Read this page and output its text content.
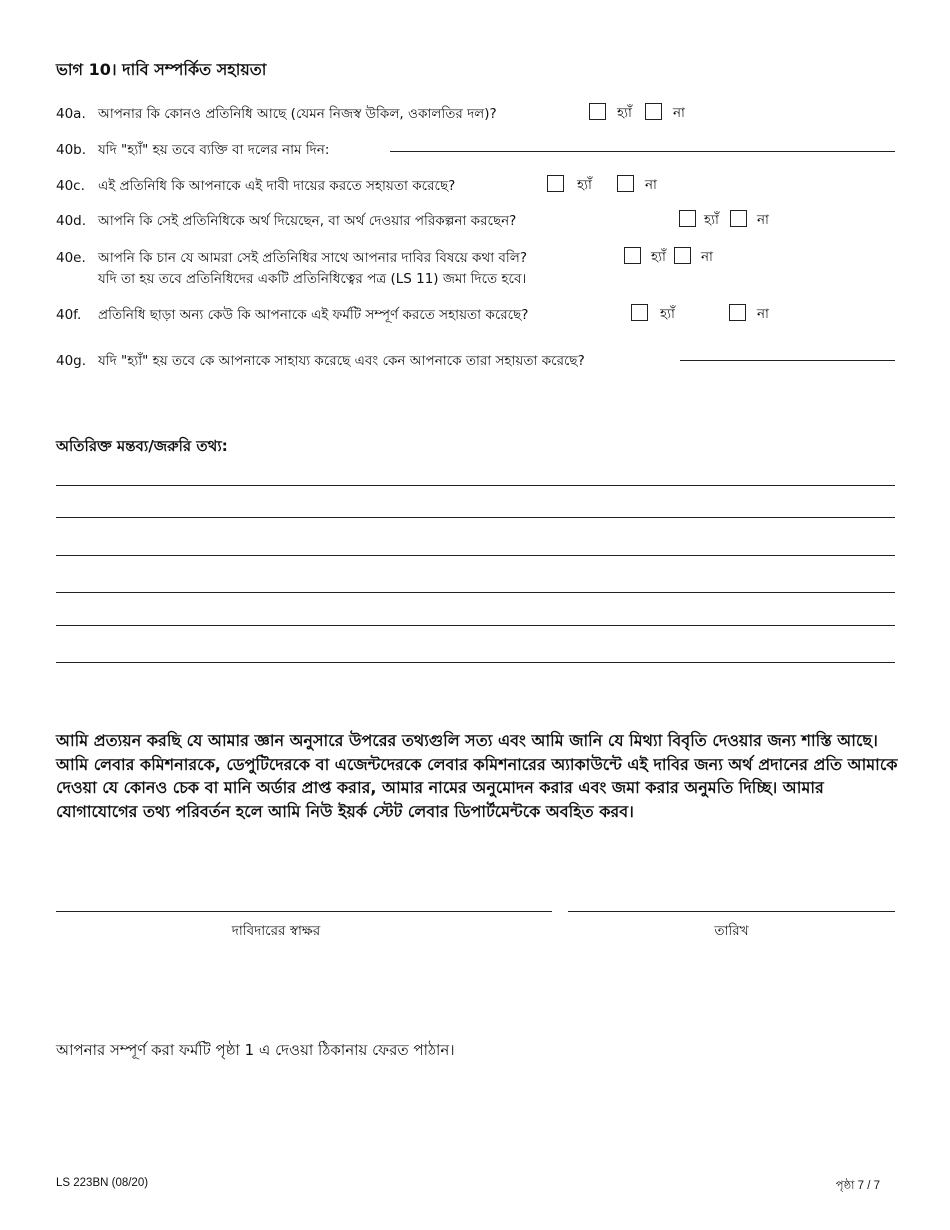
ভাগ 10। দাবি সম্পর্কিত সহায়তা
40a. আপনার কি কোনও প্রতিনিধি আছে (যেমন নিজস্ব উকিল, ওকালতির দল)?	হ্যাঁ	না
40b. যদি "হ্যাঁ" হয় তবে ব্যক্তি বা দলের নাম দিন:
40c. এই প্রতিনিধি কি আপনাকে এই দাবী দায়ের করতে সহায়তা করেছে?	হ্যাঁ	না
40d. আপনি কি সেই প্রতিনিধিকে অর্থ দিয়েছেন, বা অর্থ দেওয়ার পরিকল্পনা করছেন?	হ্যাঁ	না
40e. আপনি কি চান যে আমরা সেই প্রতিনিধির সাথে আপনার দাবির বিষয়ে কথা বলি?
যদি তা হয় তবে প্রতিনিধিদের একটি প্রতিনিধিত্বের পত্র (LS 11) জমা দিতে হবে।
হ্যাঁ	না
40f. প্রতিনিধি ছাড়া অন্য কেউ কি আপনাকে এই ফর্মটি সম্পূর্ণ করতে সহায়তা করেছে?	হ্যাঁ	না
40g. যদি "হ্যাঁ" হয় তবে কে আপনাকে সাহায্য করেছে এবং কেন আপনাকে তারা সহায়তা করেছে?
অতিরিক্ত মন্তব্য/জরুরি তথ্য:
আমি প্রত্যয়ন করছি যে আমার জ্ঞান অনুসারে উপরের তথ্যগুলি সত্য এবং আমি জানি যে মিথ্যা বিবৃতি দেওয়ার জন্য শাস্তি আছে। আমি লেবার কমিশনারকে, ডেপুটিদেরকে বা এজেন্টদেরকে লেবার কমিশনারের অ্যাকাউন্টে এই দাবির জন্য অর্থ প্রদানের প্রতি আমাকে দেওয়া যে কোনও চেক বা মানি অর্ডার প্রাপ্ত করার, আমার নামের অনুমোদন করার এবং জমা করার অনুমতি দিচ্ছি। আমার যোগাযোগের তথ্য পরিবর্তন হলে আমি নিউ ইয়র্ক স্টেট লেবার ডিপার্টমেন্টকে অবহিত করব।
দাবিদারের স্বাক্ষর	তারিখ
আপনার সম্পূর্ণ করা ফর্মটি পৃষ্ঠা 1 এ দেওয়া ঠিকানায় ফেরত পাঠান।
LS 223BN (08/20)	পৃষ্ঠা 7 / 7
